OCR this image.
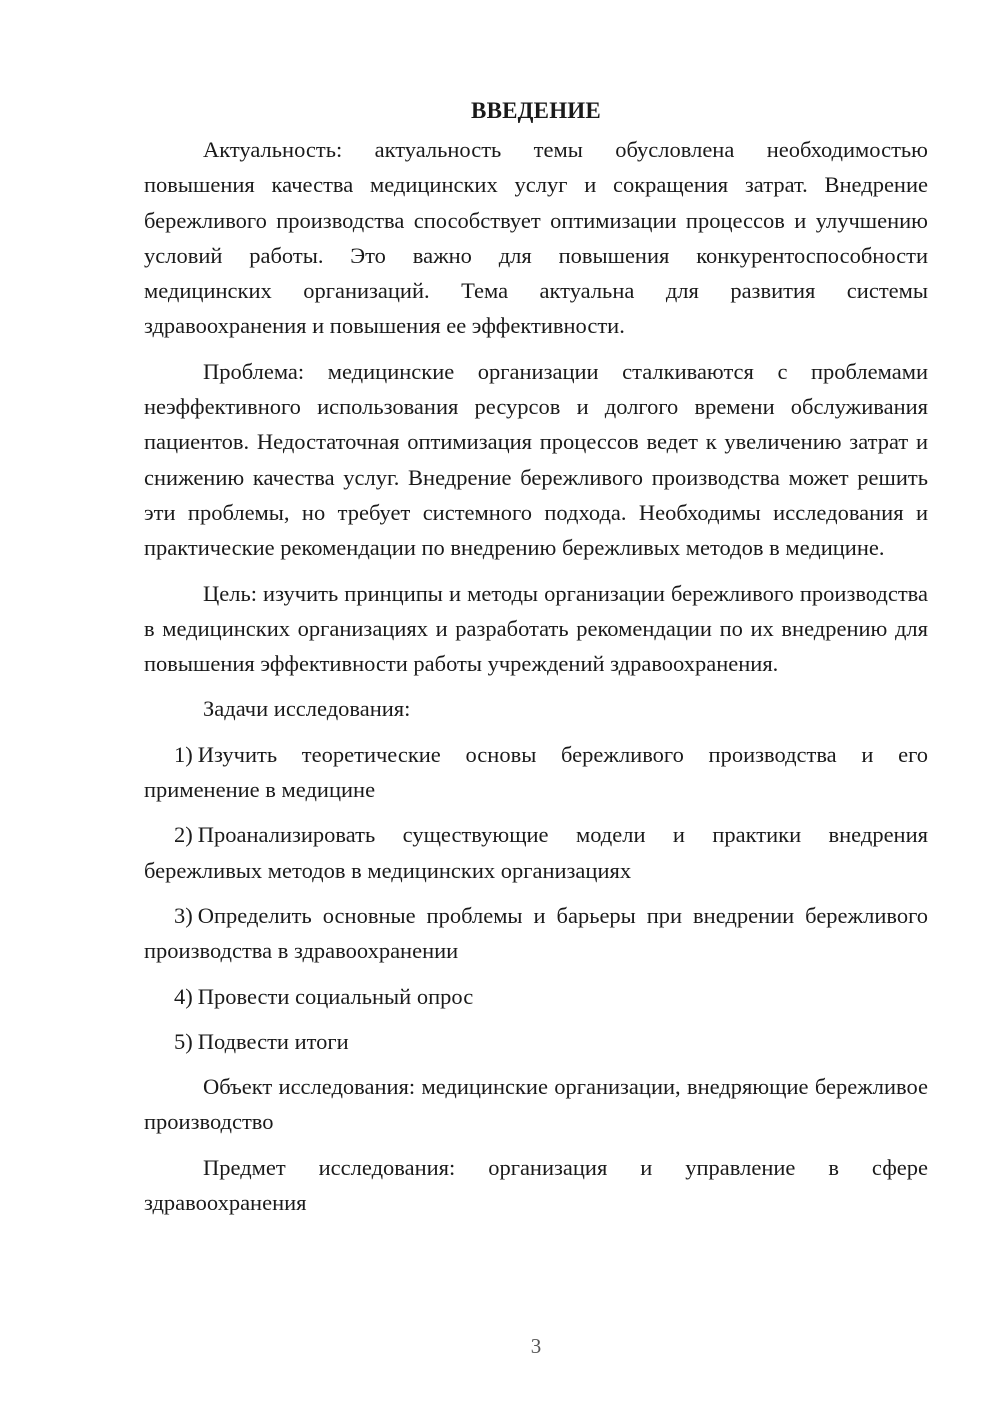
ВВЕДЕНИЕ

Актуальность: актуальность темы обусловлена необходимостью повышения качества медицинских услуг и сокращения затрат. Внедрение бережливого производства способствует оптимизации процессов и улучшению условий работы. Это важно для повышения конкурентоспособности медицинских организаций. Тема актуальна для развития системы здравоохранения и повышения ее эффективности.

Проблема: медицинские организации сталкиваются с проблемами неэффективного использования ресурсов и долгого времени обслуживания пациентов. Недостаточная оптимизация процессов ведет к увеличению затрат и снижению качества услуг. Внедрение бережливого производства может решить эти проблемы, но требует системного подхода. Необходимы исследования и практические рекомендации по внедрению бережливых методов в медицине.

Цель: изучить принципы и методы организации бережливого производства в медицинских организациях и разработать рекомендации по их внедрению для повышения эффективности работы учреждений здравоохранения.

Задачи исследования:

1) Изучить теоретические основы бережливого производства и его применение в медицине

2) Проанализировать существующие модели и практики внедрения бережливых методов в медицинских организациях

3) Определить основные проблемы и барьеры при внедрении бережливого производства в здравоохранении

4) Провести социальный опрос

5) Подвести итоги

Объект исследования: медицинские организации, внедряющие бережливое производство

Предмет исследования: организация и управление в сфере здравоохранения

3
